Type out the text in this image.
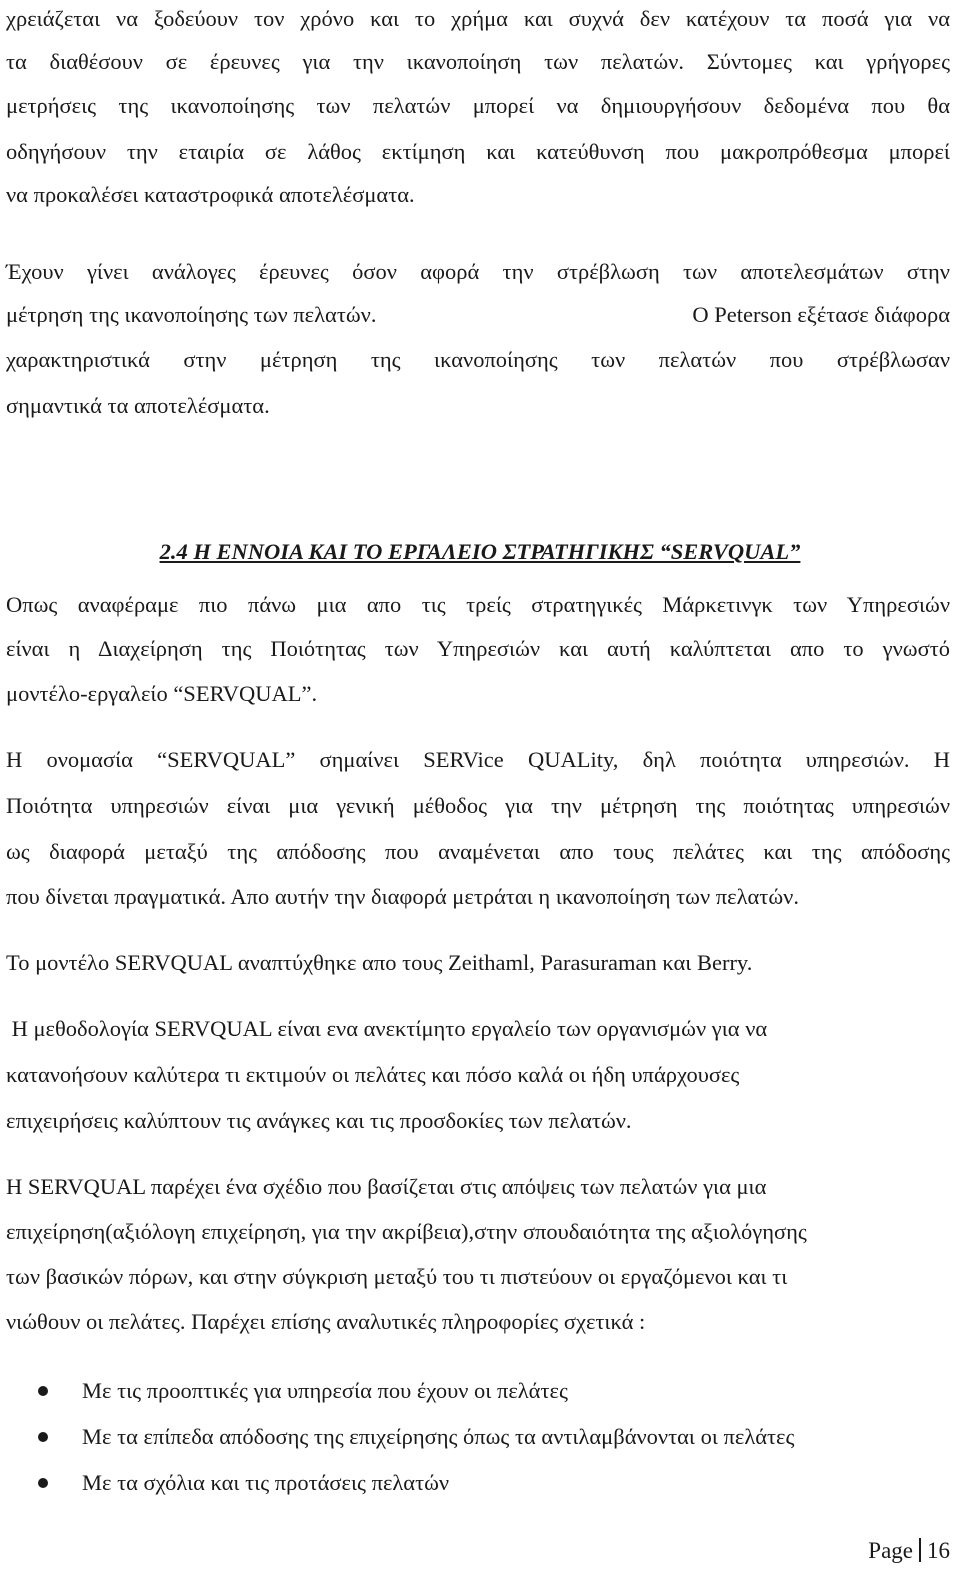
χρειάζεται να ξοδεύουν τον χρόνο και το χρήμα και συχνά δεν κατέχουν τα ποσά για να
τα διαθέσουν σε έρευνες για την ικανοποίηση των πελατών. Σύντομες και γρήγορες
μετρήσεις της ικανοποίησης των πελατών μπορεί να δημιουργήσουν δεδομένα που θα
οδηγήσουν την εταιρία σε λάθος εκτίμηση και κατεύθυνση που μακροπρόθεσμα μπορεί
να προκαλέσει καταστροφικά αποτελέσματα.
Έχουν γίνει ανάλογες έρευνες όσον αφορά την στρέβλωση των αποτελεσμάτων στην
μέτρηση της ικανοποίησης των πελατών.	Ο Peterson εξέτασε διάφορα
χαρακτηριστικά στην μέτρηση της ικανοποίησης των πελατών που στρέβλωσαν
σημαντικά τα αποτελέσματα.
2.4 Η ΕΝΝΟΙΑ ΚΑΙ ΤΟ ΕΡΓΑΛΕΙΟ ΣΤΡΑΤΗΓΙΚΗΣ “SERVQUAL”
Οπως αναφέραμε πιο πάνω μια απο τις τρείς στρατηγικές Μάρκετινγκ των Υπηρεσιών
είναι η Διαχείρηση της Ποιότητας των Υπηρεσιών και αυτή καλύπτεται απο το γνωστό
μοντέλο-εργαλείο “SERVQUAL”.
Η ονομασία “SERVQUAL” σημαίνει SERVice QUALity, δηλ ποιότητα υπηρεσιών. Η
Ποιότητα υπηρεσιών είναι μια γενική μέθοδος για την μέτρηση της ποιότητας υπηρεσιών
ως διαφορά μεταξύ της απόδοσης που αναμένεται απο τους πελάτες και της απόδοσης
που δίνεται πραγματικά. Απο αυτήν την διαφορά μετράται η ικανοποίηση των πελατών.
Το μοντέλο SERVQUAL αναπτύχθηκε απο τους Zeithaml, Parasuraman και Berry.
Η μεθοδολογία SERVQUAL είναι ενα ανεκτίμητο εργαλείο των οργανισμών για να
κατανοήσουν καλύτερα τι εκτιμούν οι πελάτες και πόσο καλά οι ήδη υπάρχουσες
επιχειρήσεις καλύπτουν τις ανάγκες και τις προσδοκίες των πελατών.
Η SERVQUAL παρέχει ένα σχέδιο που βασίζεται στις απόψεις των πελατών για μια
επιχείρηση(αξιόλογη επιχείρηση, για την ακρίβεια),στην σπουδαιότητα της αξιολόγησης
των βασικών πόρων, και στην σύγκριση μεταξύ του τι πιστεύουν οι εργαζόμενοι και τι
νιώθουν οι πελάτες. Παρέχει επίσης αναλυτικές πληροφορίες σχετικά :
Με τις προοπτικές για υπηρεσία που έχουν οι πελάτες
Με τα επίπεδα απόδοσης της επιχείρησης όπως τα αντιλαμβάνονται οι πελάτες
Με τα σχόλια και τις προτάσεις πελατών
Page 16
